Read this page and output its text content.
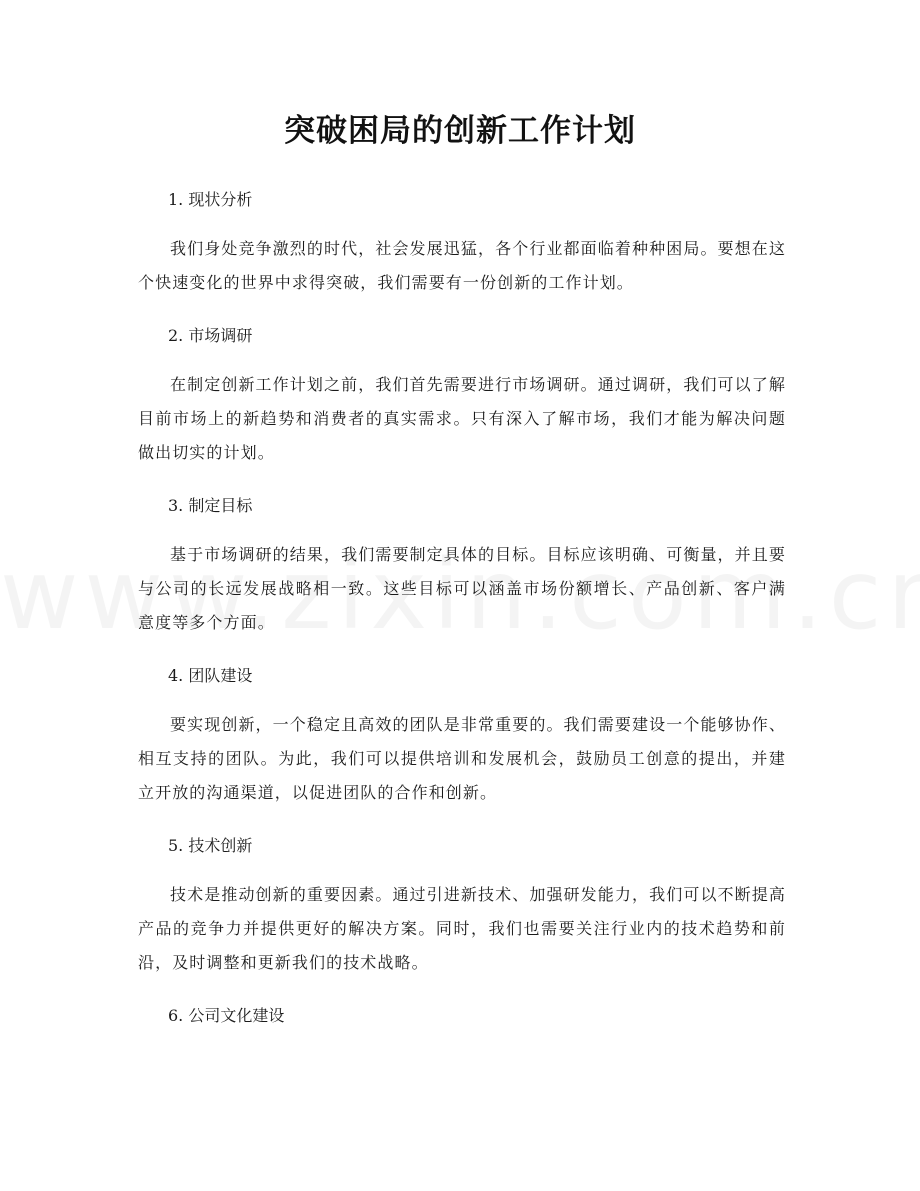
突破困局的创新工作计划
1. 现状分析

我们身处竞争激烈的时代，社会发展迅猛，各个行业都面临着种种困局。要想在这个快速变化的世界中求得突破，我们需要有一份创新的工作计划。

2. 市场调研

在制定创新工作计划之前，我们首先需要进行市场调研。通过调研，我们可以了解目前市场上的新趋势和消费者的真实需求。只有深入了解市场，我们才能为解决问题做出切实的计划。

3. 制定目标

基于市场调研的结果，我们需要制定具体的目标。目标应该明确、可衡量，并且要与公司的长远发展战略相一致。这些目标可以涵盖市场份额增长、产品创新、客户满意度等多个方面。

4. 团队建设

要实现创新，一个稳定且高效的团队是非常重要的。我们需要建设一个能够协作、相互支持的团队。为此，我们可以提供培训和发展机会，鼓励员工创意的提出，并建立开放的沟通渠道，以促进团队的合作和创新。

5. 技术创新

技术是推动创新的重要因素。通过引进新技术、加强研发能力，我们可以不断提高产品的竞争力并提供更好的解决方案。同时，我们也需要关注行业内的技术趋势和前沿，及时调整和更新我们的技术战略。

6. 公司文化建设
